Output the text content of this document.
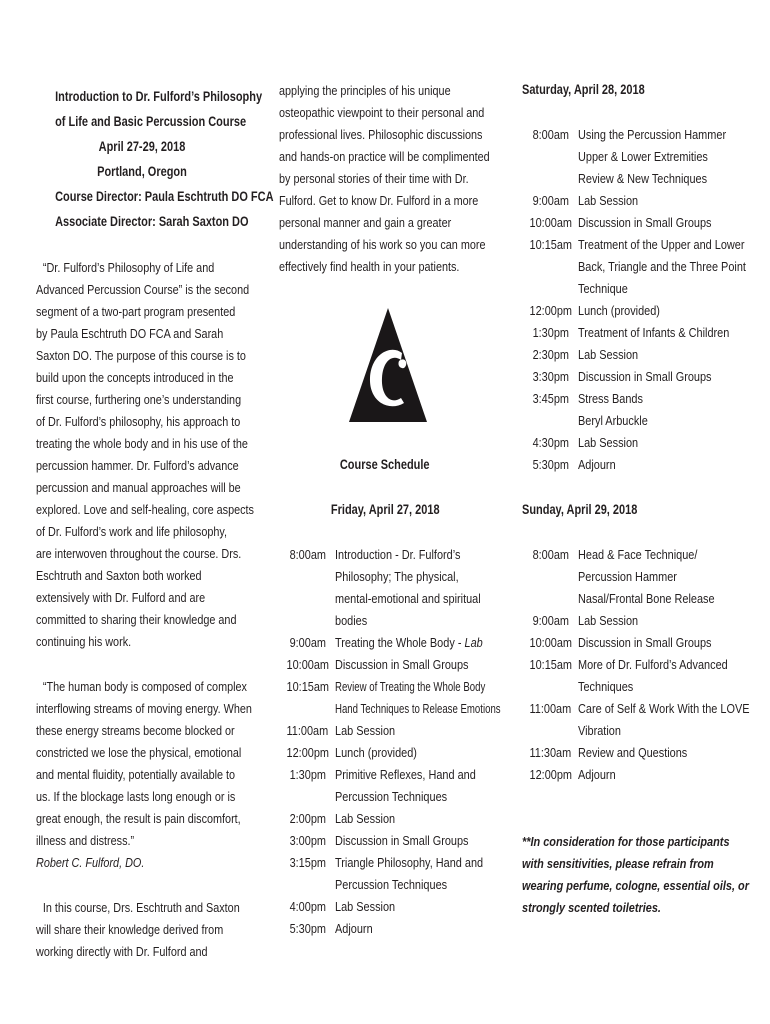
Introduction to Dr. Fulford’s Philosophy
of Life and Basic Percussion Course
April 27-29, 2018
Portland, Oregon
Course Director: Paula Eschtruth DO FCA
Associate Director: Sarah Saxton DO
“Dr. Fulford’s Philosophy of Life and
Advanced Percussion Course” is the second
segment of a two-part program presented
by Paula Eschtruth DO FCA and Sarah
Saxton DO. The purpose of this course is to
build upon the concepts introduced in the
first course, furthering one’s understanding
of Dr. Fulford’s philosophy, his approach to
treating the whole body and in his use of the
percussion hammer. Dr. Fulford’s advance
percussion and manual approaches will be
explored. Love and self-healing, core aspects
of Dr. Fulford’s work and life philosophy,
are interwoven throughout the course. Drs.
Eschtruth and Saxton both worked
extensively with Dr. Fulford and are
committed to sharing their knowledge and
continuing his work.
“The human body is composed of complex
interflowing streams of moving energy. When
these energy streams become blocked or
constricted we lose the physical, emotional
and mental fluidity, potentially available to
us. If the blockage lasts long enough or is
great enough, the result is pain discomfort,
illness and distress.”
Robert C. Fulford, DO.
In this course, Drs. Eschtruth and Saxton
will share their knowledge derived from
working directly with Dr. Fulford and
applying the principles of his unique
osteopathic viewpoint to their personal and
professional lives. Philosophic discussions
and hands-on practice will be complimented
by personal stories of their time with Dr.
Fulford. Get to know Dr. Fulford in a more
personal manner and gain a greater
understanding of his work so you can more
effectively find health in your patients.
Course Schedule
Friday, April 27, 2018
8:00am Introduction - Dr. Fulford’s
Philosophy; The physical,
mental-emotional and spiritual
bodies
9:00am Treating the Whole Body - Lab
10:00am Discussion in Small Groups
10:15am Review of Treating the Whole Body
Hand Techniques to Release Emotions
11:00am Lab Session
12:00pm Lunch (provided)
1:30pm Primitive Reflexes, Hand and
Percussion Techniques
2:00pm Lab Session
3:00pm Discussion in Small Groups
3:15pm Triangle Philosophy, Hand and
Percussion Techniques
4:00pm Lab Session
5:30pm Adjourn
Saturday, April 28, 2018
8:00am Using the Percussion Hammer
Upper & Lower Extremities
Review & New Techniques
9:00am Lab Session
10:00am Discussion in Small Groups
10:15am Treatment of the Upper and Lower
Back, Triangle and the Three Point
Technique
12:00pm Lunch (provided)
1:30pm Treatment of Infants & Children
2:30pm Lab Session
3:30pm Discussion in Small Groups
3:45pm Stress Bands
Beryl Arbuckle
4:30pm Lab Session
5:30pm Adjourn
Sunday, April 29, 2018
8:00am Head & Face Technique/
Percussion Hammer
Nasal/Frontal Bone Release
9:00am Lab Session
10:00am Discussion in Small Groups
10:15am More of Dr. Fulford’s Advanced
Techniques
11:00am Care of Self & Work With the LOVE
Vibration
11:30am Review and Questions
12:00pm Adjourn
**In consideration for those participants
with sensitivities, please refrain from
wearing perfume, cologne, essential oils, or
strongly scented toiletries.
